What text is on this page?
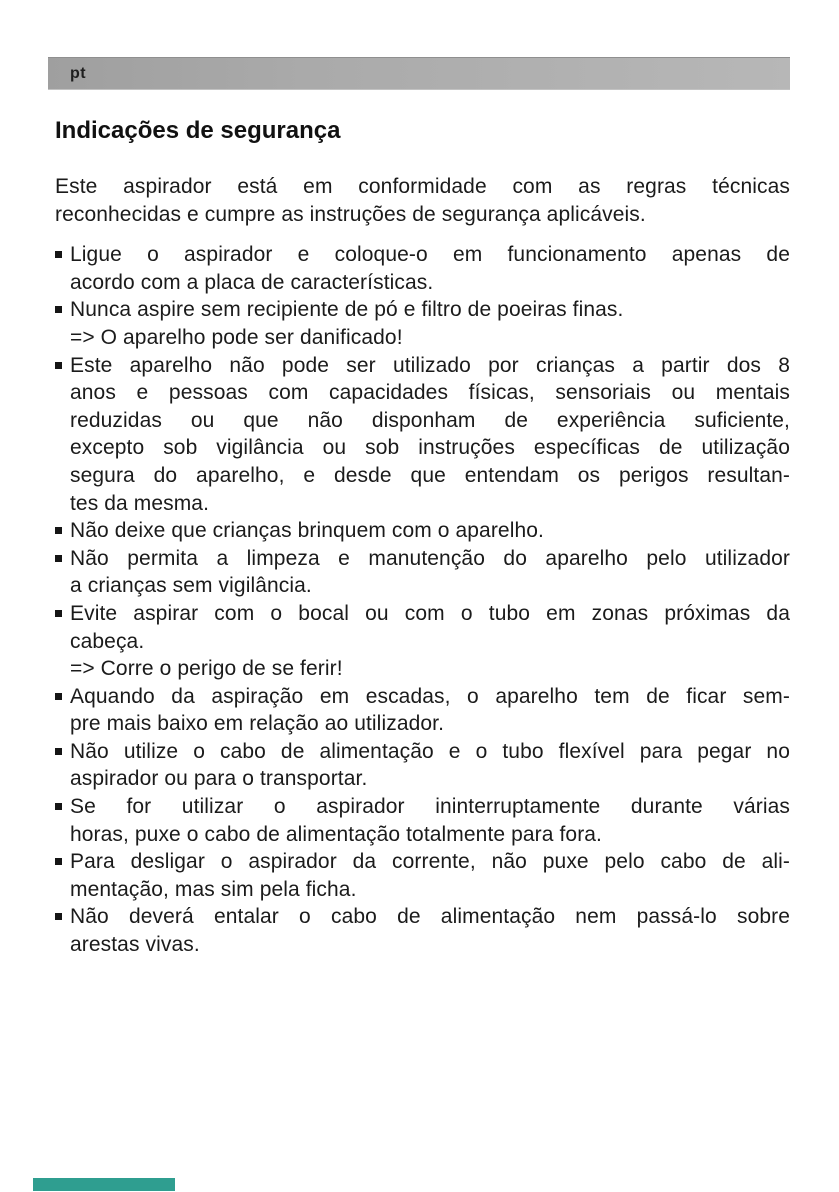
pt
Indicações de segurança

Este aspirador está em conformidade com as regras técnicas
reconhecidas e cumpre as instruções de segurança aplicáveis.

Ligue o aspirador e coloque-o em funcionamento apenas de
acordo com a placa de características.
Nunca aspire sem recipiente de pó e filtro de poeiras finas.
=> O aparelho pode ser danificado!
Este aparelho não pode ser utilizado por crianças a partir dos 8
anos e pessoas com capacidades físicas, sensoriais ou mentais
reduzidas ou que não disponham de experiência suficiente,
excepto sob vigilância ou sob instruções específicas de utilização
segura do aparelho, e desde que entendam os perigos resultan-
tes da mesma.
Não deixe que crianças brinquem com o aparelho.
Não permita a limpeza e manutenção do aparelho pelo utilizador
a crianças sem vigilância.
Evite aspirar com o bocal ou com o tubo em zonas próximas da
cabeça.
=> Corre o perigo de se ferir!
Aquando da aspiração em escadas, o aparelho tem de ficar sem-
pre mais baixo em relação ao utilizador.
Não utilize o cabo de alimentação e o tubo flexível para pegar no
aspirador ou para o transportar.
Se for utilizar o aspirador ininterruptamente durante várias
horas, puxe o cabo de alimentação totalmente para fora.
Para desligar o aspirador da corrente, não puxe pelo cabo de ali-
mentação, mas sim pela ficha.
Não deverá entalar o cabo de alimentação nem passá-lo sobre
arestas vivas.
